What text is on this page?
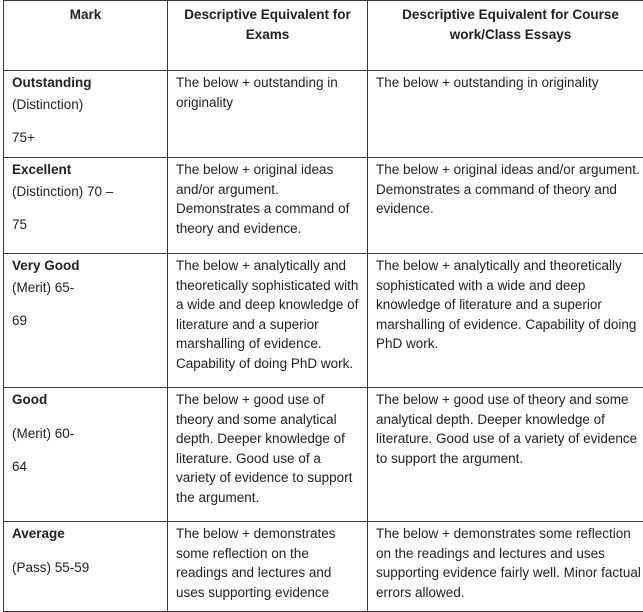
Mark	Descriptive Equivalent for Exams	Descriptive Equivalent for Course work/Class Essays

Outstanding
(Distinction)
75+	The below + outstanding in originality	The below + outstanding in originality

Excellent
(Distinction) 70 –
75	The below + original ideas and/or argument. Demonstrates a command of theory and evidence.	The below + original ideas and/or argument. Demonstrates a command of theory and evidence.

Very Good
(Merit) 65-
69	The below + analytically and theoretically sophisticated with a wide and deep knowledge of literature and a superior marshalling of evidence. Capability of doing PhD work.	The below + analytically and theoretically sophisticated with a wide and deep knowledge of literature and a superior marshalling of evidence. Capability of doing PhD work.

Good
(Merit) 60-
64	The below + good use of theory and some analytical depth. Deeper knowledge of literature. Good use of a variety of evidence to support the argument.	The below + good use of theory and some analytical depth. Deeper knowledge of literature. Good use of a variety of evidence to support the argument.

Average
(Pass) 55-59	The below + demonstrates some reflection on the readings and lectures and uses supporting evidence	The below + demonstrates some reflection on the readings and lectures and uses supporting evidence fairly well. Minor factual errors allowed.
